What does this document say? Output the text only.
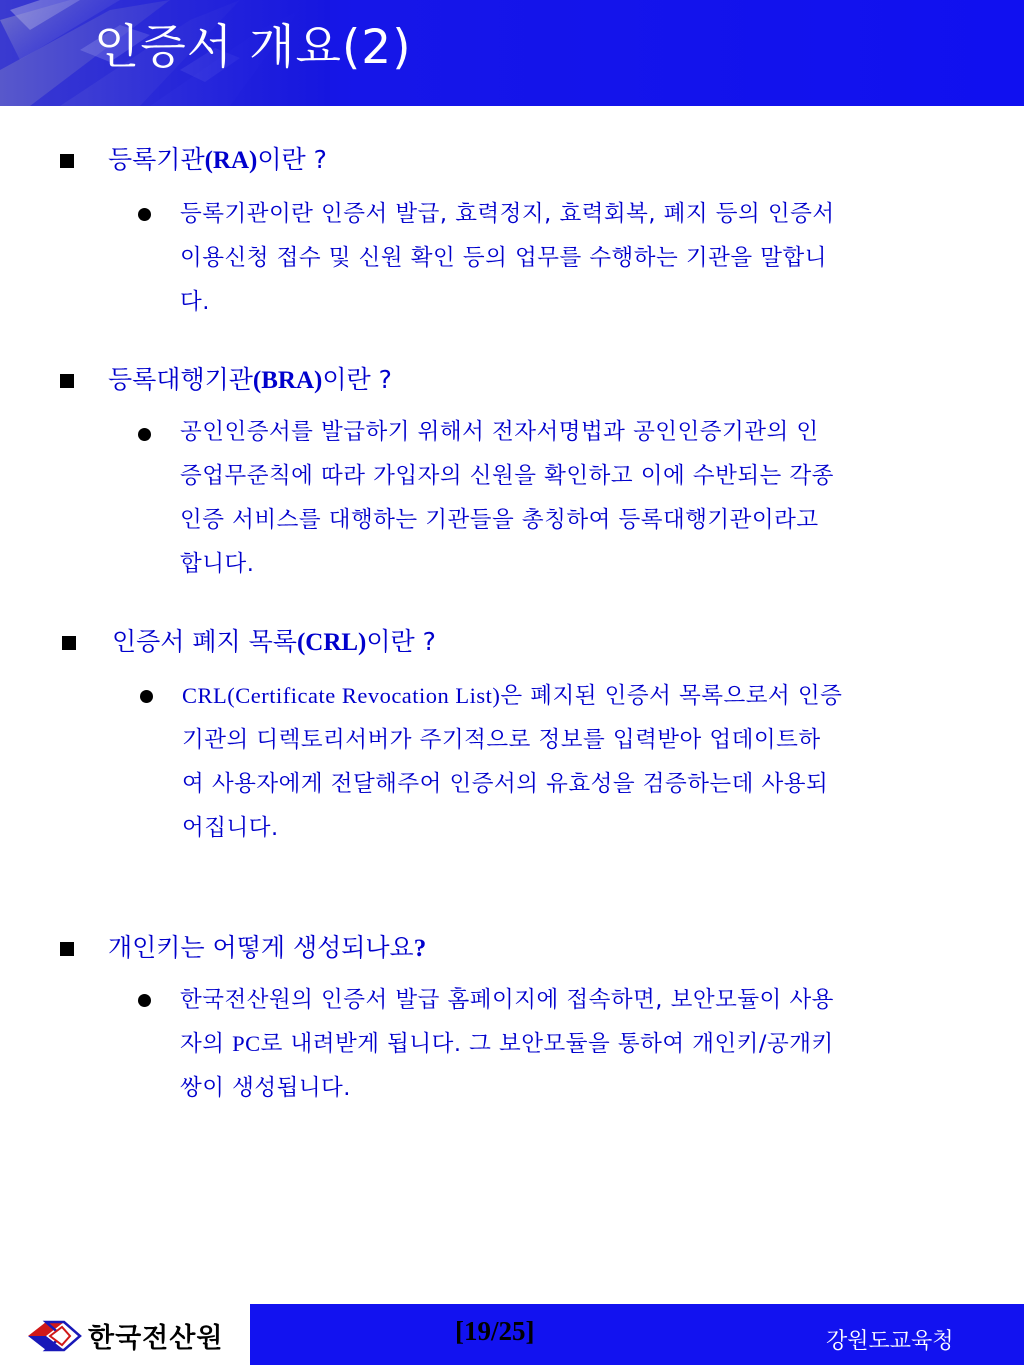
인증서 개요(2)
등록기관(RA)이란 ?
등록기관이란 인증서 발급, 효력정지, 효력회복, 폐지 등의 인증서
이용신청 접수 및 신원 확인 등의 업무를 수행하는 기관을 말합니
다.
등록대행기관(BRA)이란 ?
공인인증서를 발급하기 위해서 전자서명법과 공인인증기관의 인
증업무준칙에 따라 가입자의 신원을 확인하고 이에 수반되는 각종
인증 서비스를 대행하는 기관들을 총칭하여 등록대행기관이라고
합니다.
인증서 폐지 목록(CRL)이란 ?
CRL(Certificate Revocation List)은 폐지된 인증서 목록으로서 인증
기관의 디렉토리서버가 주기적으로 정보를 입력받아 업데이트하
여 사용자에게 전달해주어 인증서의 유효성을 검증하는데 사용되
어집니다.
개인키는 어떻게 생성되나요?
한국전산원의 인증서 발급 홈페이지에 접속하면, 보안모듈이 사용
자의 PC로 내려받게 됩니다. 그 보안모듈을 통하여 개인키/공개키
쌍이 생성됩니다.
한국전산원	[19/25]	강원도교육청
